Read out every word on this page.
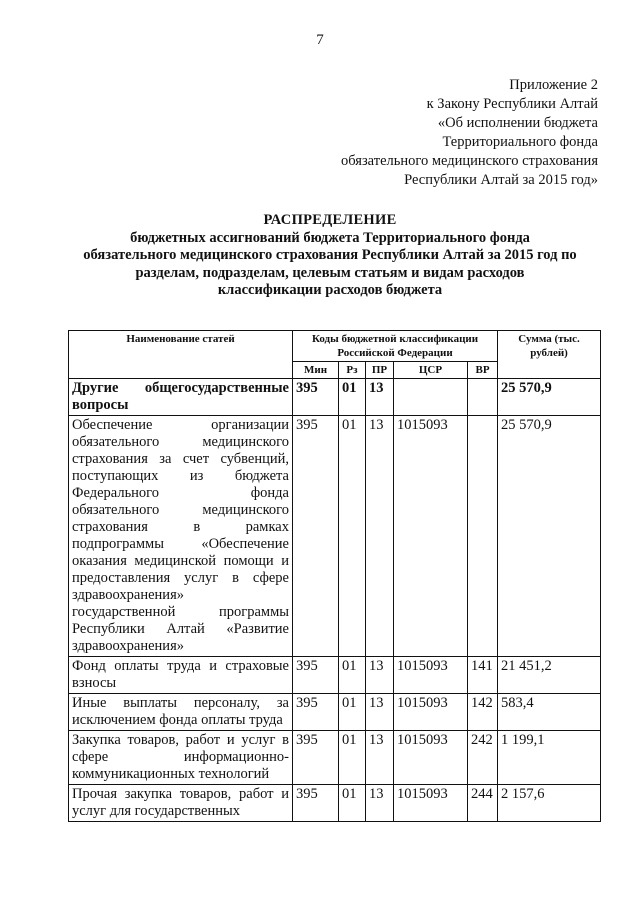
7
Приложение 2
к Закону Республики Алтай
«Об исполнении бюджета
Территориального фонда
обязательного медицинского страхования
Республики Алтай за 2015 год»
РАСПРЕДЕЛЕНИЕ
бюджетных ассигнований бюджета Территориального фонда
обязательного медицинского страхования Республики Алтай за 2015 год по
разделам, подразделам, целевым статьям и видам расходов
классификации расходов бюджета
Наименование статей	Коды бюджетной классификации Российской Федерации					Сумма (тыс. рублей)
	Мин	Рз	ПР	ЦСР	ВР	
Другие общегосударственные вопросы	395	01	13			25 570,9
Обеспечение организации обязательного медицинского страхования за счет субвенций, поступающих из бюджета Федерального фонда обязательного медицинского страхования в рамках подпрограммы «Обеспечение оказания медицинской помощи и предоставления услуг в сфере здравоохранения» государственной программы Республики Алтай «Развитие здравоохранения»	395	01	13	1015093		25 570,9
Фонд оплаты труда и страховые взносы	395	01	13	1015093	141	21 451,2
Иные выплаты персоналу, за исключением фонда оплаты труда	395	01	13	1015093	142	583,4
Закупка товаров, работ и услуг в сфере информационно-коммуникационных технологий	395	01	13	1015093	242	1 199,1
Прочая закупка товаров, работ и услуг для государственных	395	01	13	1015093	244	2 157,6
